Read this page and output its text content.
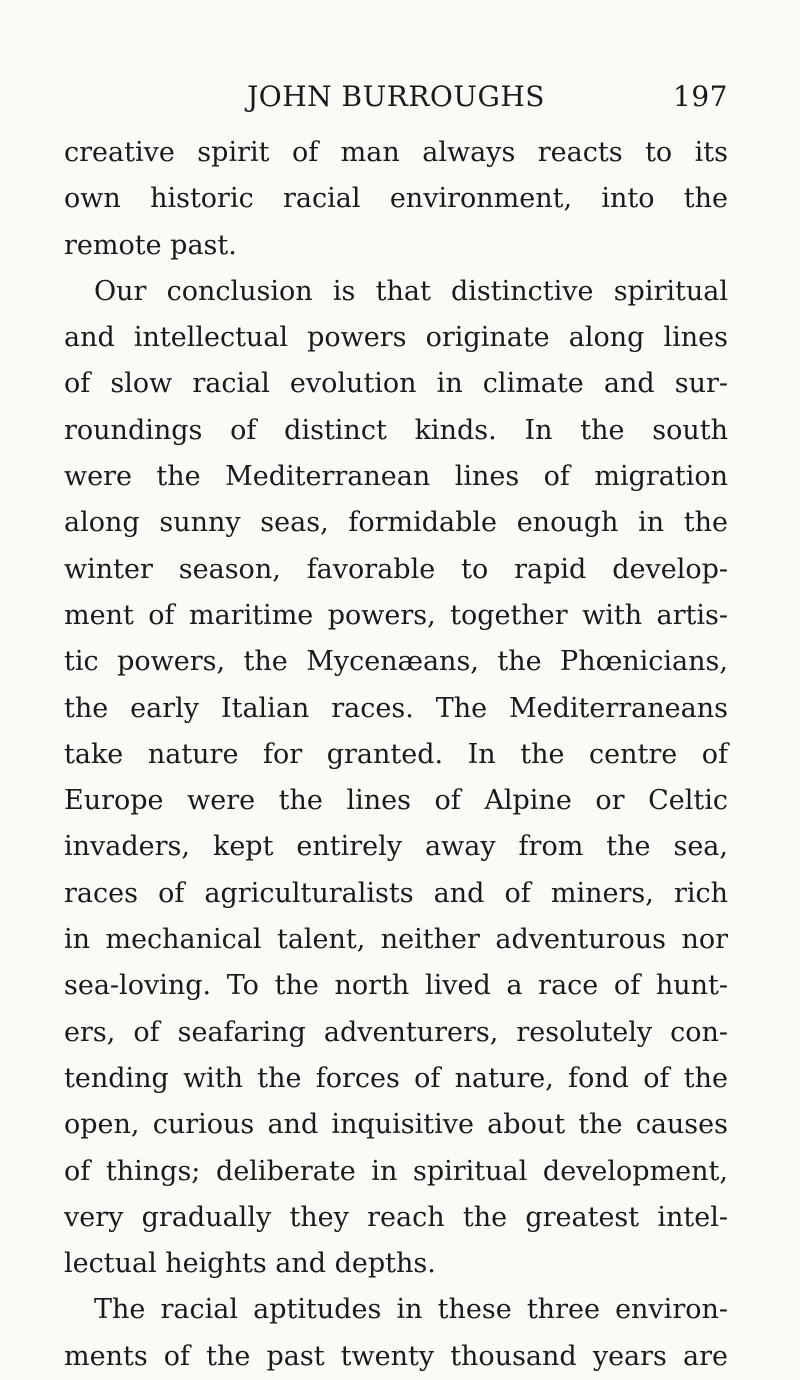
JOHN BURROUGHS	197
creative spirit of man always reacts to its
own historic racial environment, into the
remote past.
Our conclusion is that distinctive spiritual
and intellectual powers originate along lines
of slow racial evolution in climate and sur-
roundings of distinct kinds. In the south
were the Mediterranean lines of migration
along sunny seas, formidable enough in the
winter season, favorable to rapid develop-
ment of maritime powers, together with artis-
tic powers, the Mycenæans, the Phœnicians,
the early Italian races. The Mediterraneans
take nature for granted. In the centre of
Europe were the lines of Alpine or Celtic
invaders, kept entirely away from the sea,
races of agriculturalists and of miners, rich
in mechanical talent, neither adventurous nor
sea-loving. To the north lived a race of hunt-
ers, of seafaring adventurers, resolutely con-
tending with the forces of nature, fond of the
open, curious and inquisitive about the causes
of things; deliberate in spiritual development,
very gradually they reach the greatest intel-
lectual heights and depths.
The racial aptitudes in these three environ-
ments of the past twenty thousand years are
